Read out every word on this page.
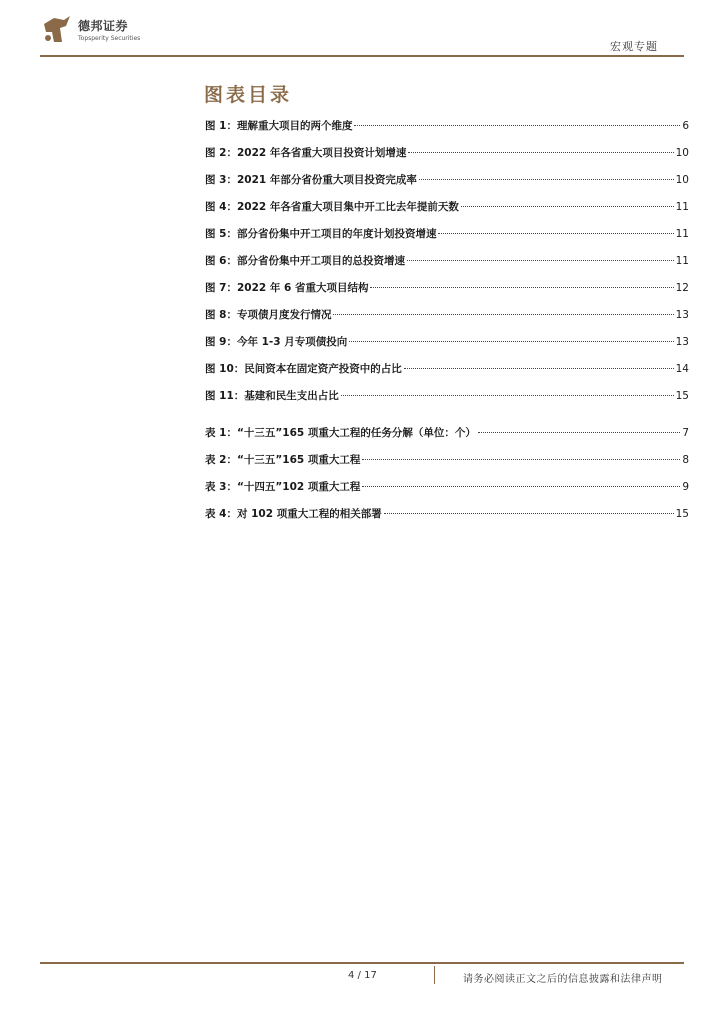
德邦证券
Topsperity Securities
宏观专题
图表目录
图 1：理解重大项目的两个维度	6
图 2：2022 年各省重大项目投资计划增速	10
图 3：2021 年部分省份重大项目投资完成率	10
图 4：2022 年各省重大项目集中开工比去年提前天数	11
图 5：部分省份集中开工项目的年度计划投资增速	11
图 6：部分省份集中开工项目的总投资增速	11
图 7：2022 年 6 省重大项目结构	12
图 8：专项债月度发行情况	13
图 9：今年 1-3 月专项债投向	13
图 10：民间资本在固定资产投资中的占比	14
图 11：基建和民生支出占比	15
表 1：“十三五”165 项重大工程的任务分解（单位：个）	7
表 2：“十三五”165 项重大工程	8
表 3：“十四五”102 项重大工程	9
表 4：对 102 项重大工程的相关部署	15
4 / 17	请务必阅读正文之后的信息披露和法律声明
